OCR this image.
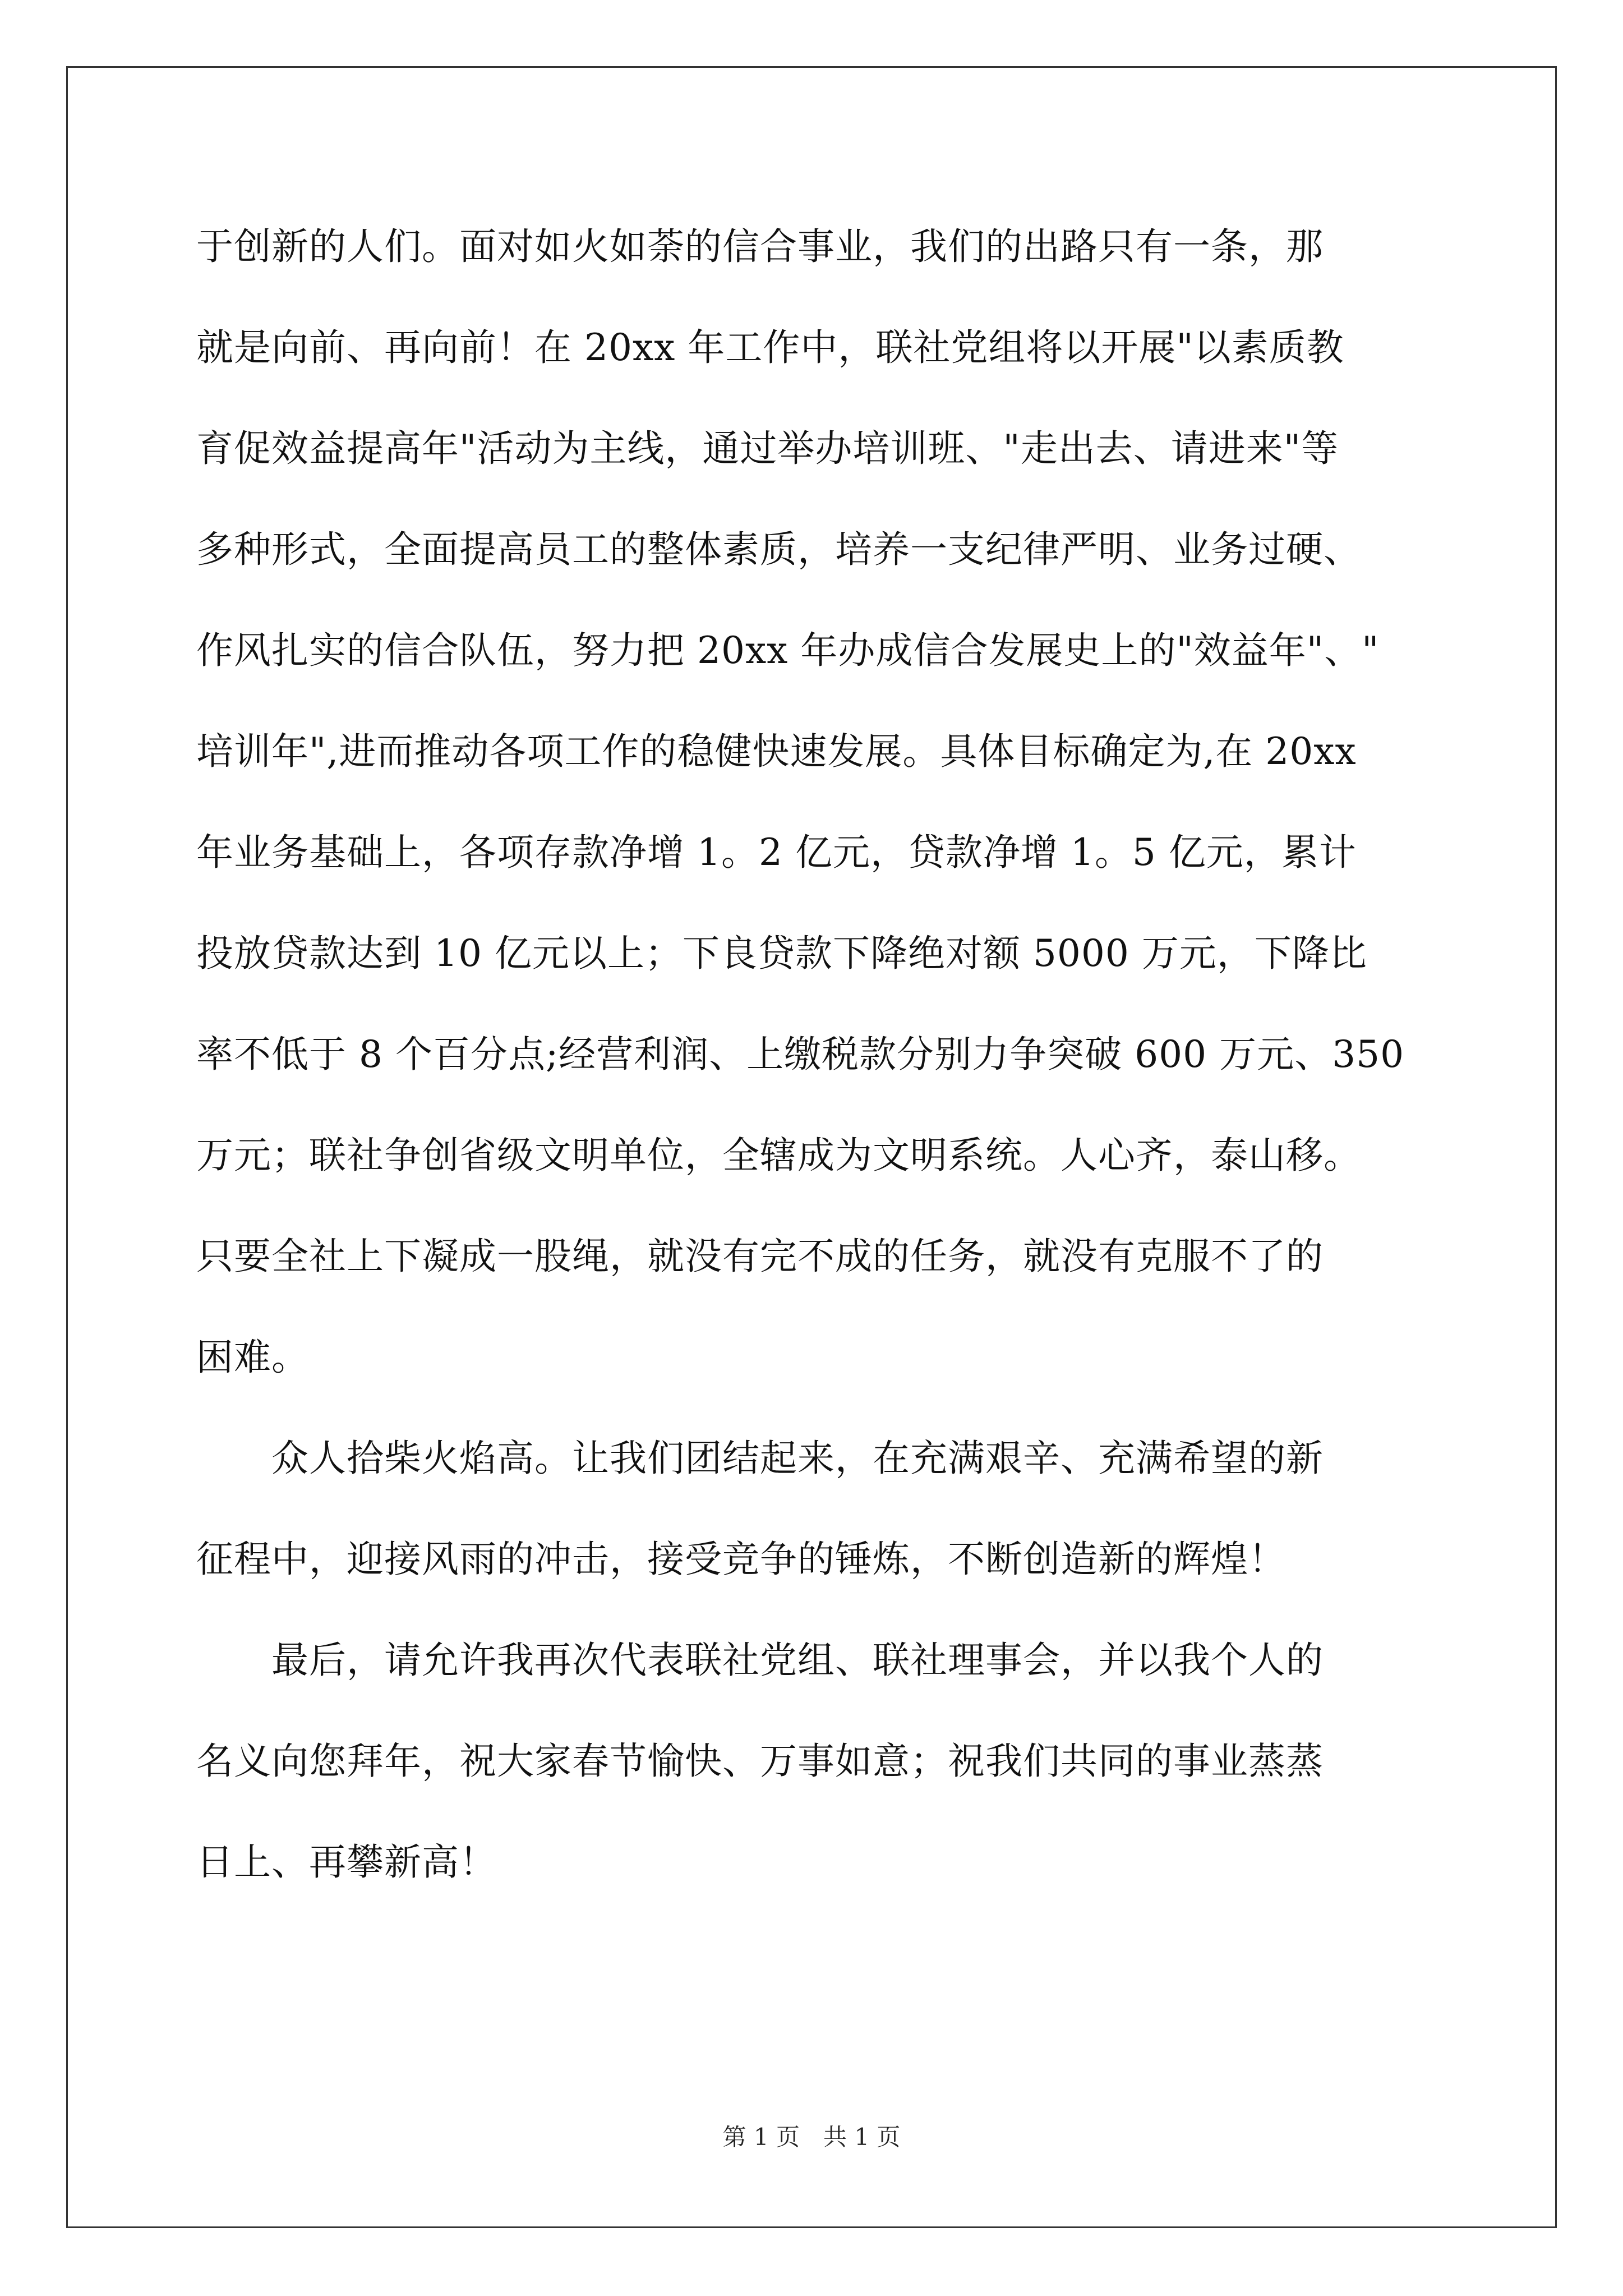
于创新的人们。面对如火如荼的信合事业，我们的出路只有一条，那
就是向前、再向前！在 20xx 年工作中，联社党组将以开展"以素质教
育促效益提高年"活动为主线，通过举办培训班、"走出去、请进来"等
多种形式，全面提高员工的整体素质，培养一支纪律严明、业务过硬、
作风扎实的信合队伍，努力把 20xx 年办成信合发展史上的"效益年"、"
培训年",进而推动各项工作的稳健快速发展。具体目标确定为,在 20xx
年业务基础上，各项存款净增 1。2 亿元，贷款净增 1。5 亿元，累计
投放贷款达到 10 亿元以上；下良贷款下降绝对额 5000 万元，下降比
率不低于 8 个百分点;经营利润、上缴税款分别力争突破 600 万元、350
万元；联社争创省级文明单位，全辖成为文明系统。人心齐，泰山移。
只要全社上下凝成一股绳，就没有完不成的任务，就没有克服不了的
困难。
　　众人拾柴火焰高。让我们团结起来，在充满艰辛、充满希望的新
征程中，迎接风雨的冲击，接受竞争的锤炼，不断创造新的辉煌！
　　最后，请允许我再次代表联社党组、联社理事会，并以我个人的
名义向您拜年，祝大家春节愉快、万事如意；祝我们共同的事业蒸蒸
日上、再攀新高！
第 1 页　共 1 页
